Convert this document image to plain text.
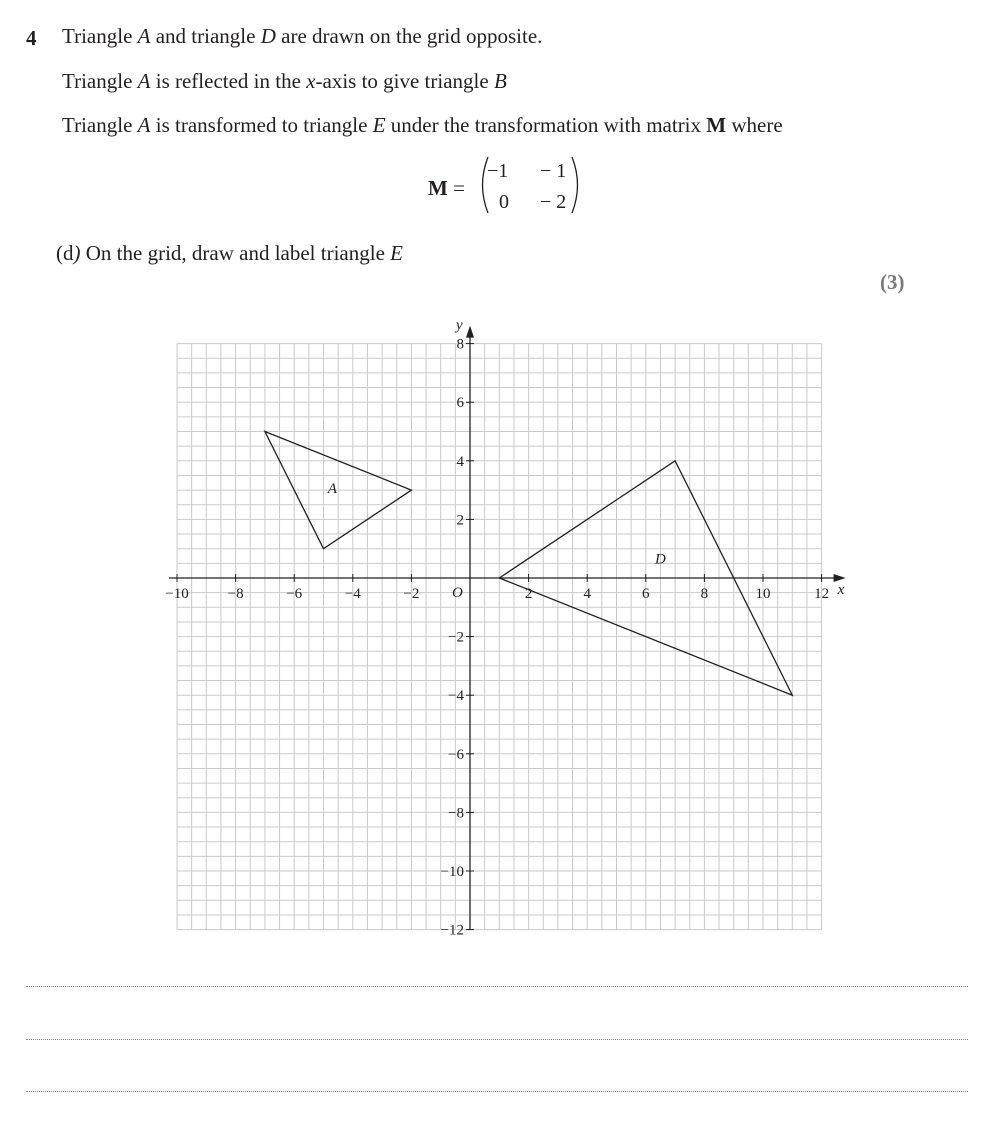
4 Triangle A and triangle D are drawn on the grid opposite.
Triangle A is reflected in the x-axis to give triangle B
Triangle A is transformed to triangle E under the transformation with matrix M where
M =
−1 − 1
0 − 2
(d) On the grid, draw and label triangle E
(3)
x
y
O
−10	−8	−6	−4	−2	2	4	6	8	10	12
8
6
4
2
−2
−4
−6
−8
−10
−12
A
D
